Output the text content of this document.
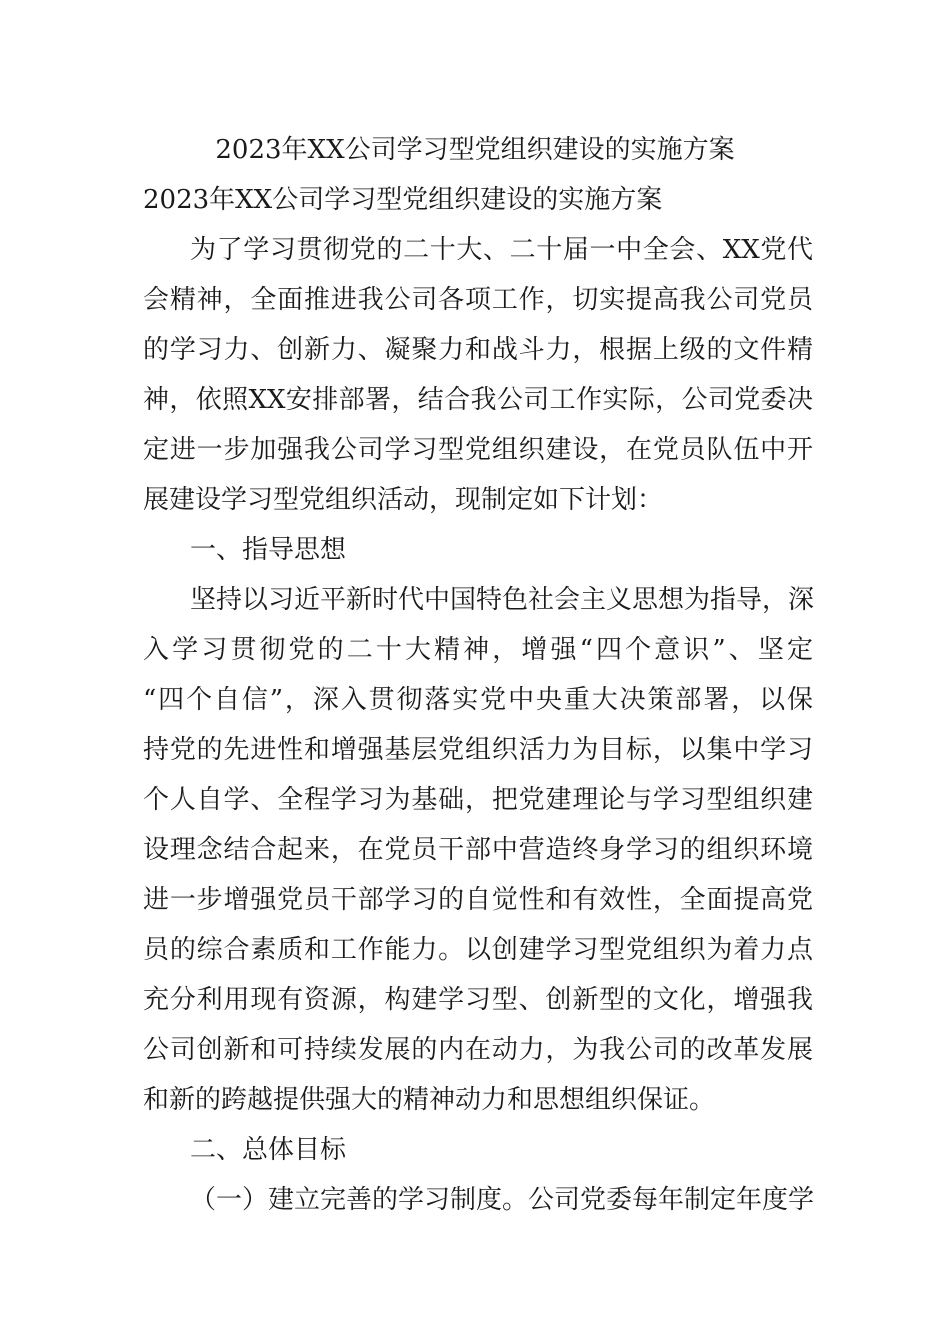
2023年XX公司学习型党组织建设的实施方案
2023年XX公司学习型党组织建设的实施方案
为了学习贯彻党的二十大、二十届一中全会、XX党代
会精神，全面推进我公司各项工作，切实提高我公司党员
的学习力、创新力、凝聚力和战斗力，根据上级的文件精
神，依照XX安排部署，结合我公司工作实际，公司党委决
定进一步加强我公司学习型党组织建设，在党员队伍中开
展建设学习型党组织活动，现制定如下计划：
一、指导思想
坚持以习近平新时代中国特色社会主义思想为指导，深
入学习贯彻党的二十大精神，增强“四个意识”、坚定
“四个自信”，深入贯彻落实党中央重大决策部署，以保
持党的先进性和增强基层党组织活力为目标，以集中学习
个人自学、全程学习为基础，把党建理论与学习型组织建
设理念结合起来，在党员干部中营造终身学习的组织环境
进一步增强党员干部学习的自觉性和有效性，全面提高党
员的综合素质和工作能力。以创建学习型党组织为着力点
充分利用现有资源，构建学习型、创新型的文化，增强我
公司创新和可持续发展的内在动力，为我公司的改革发展
和新的跨越提供强大的精神动力和思想组织保证。
二、总体目标
（一）建立完善的学习制度。公司党委每年制定年度学
